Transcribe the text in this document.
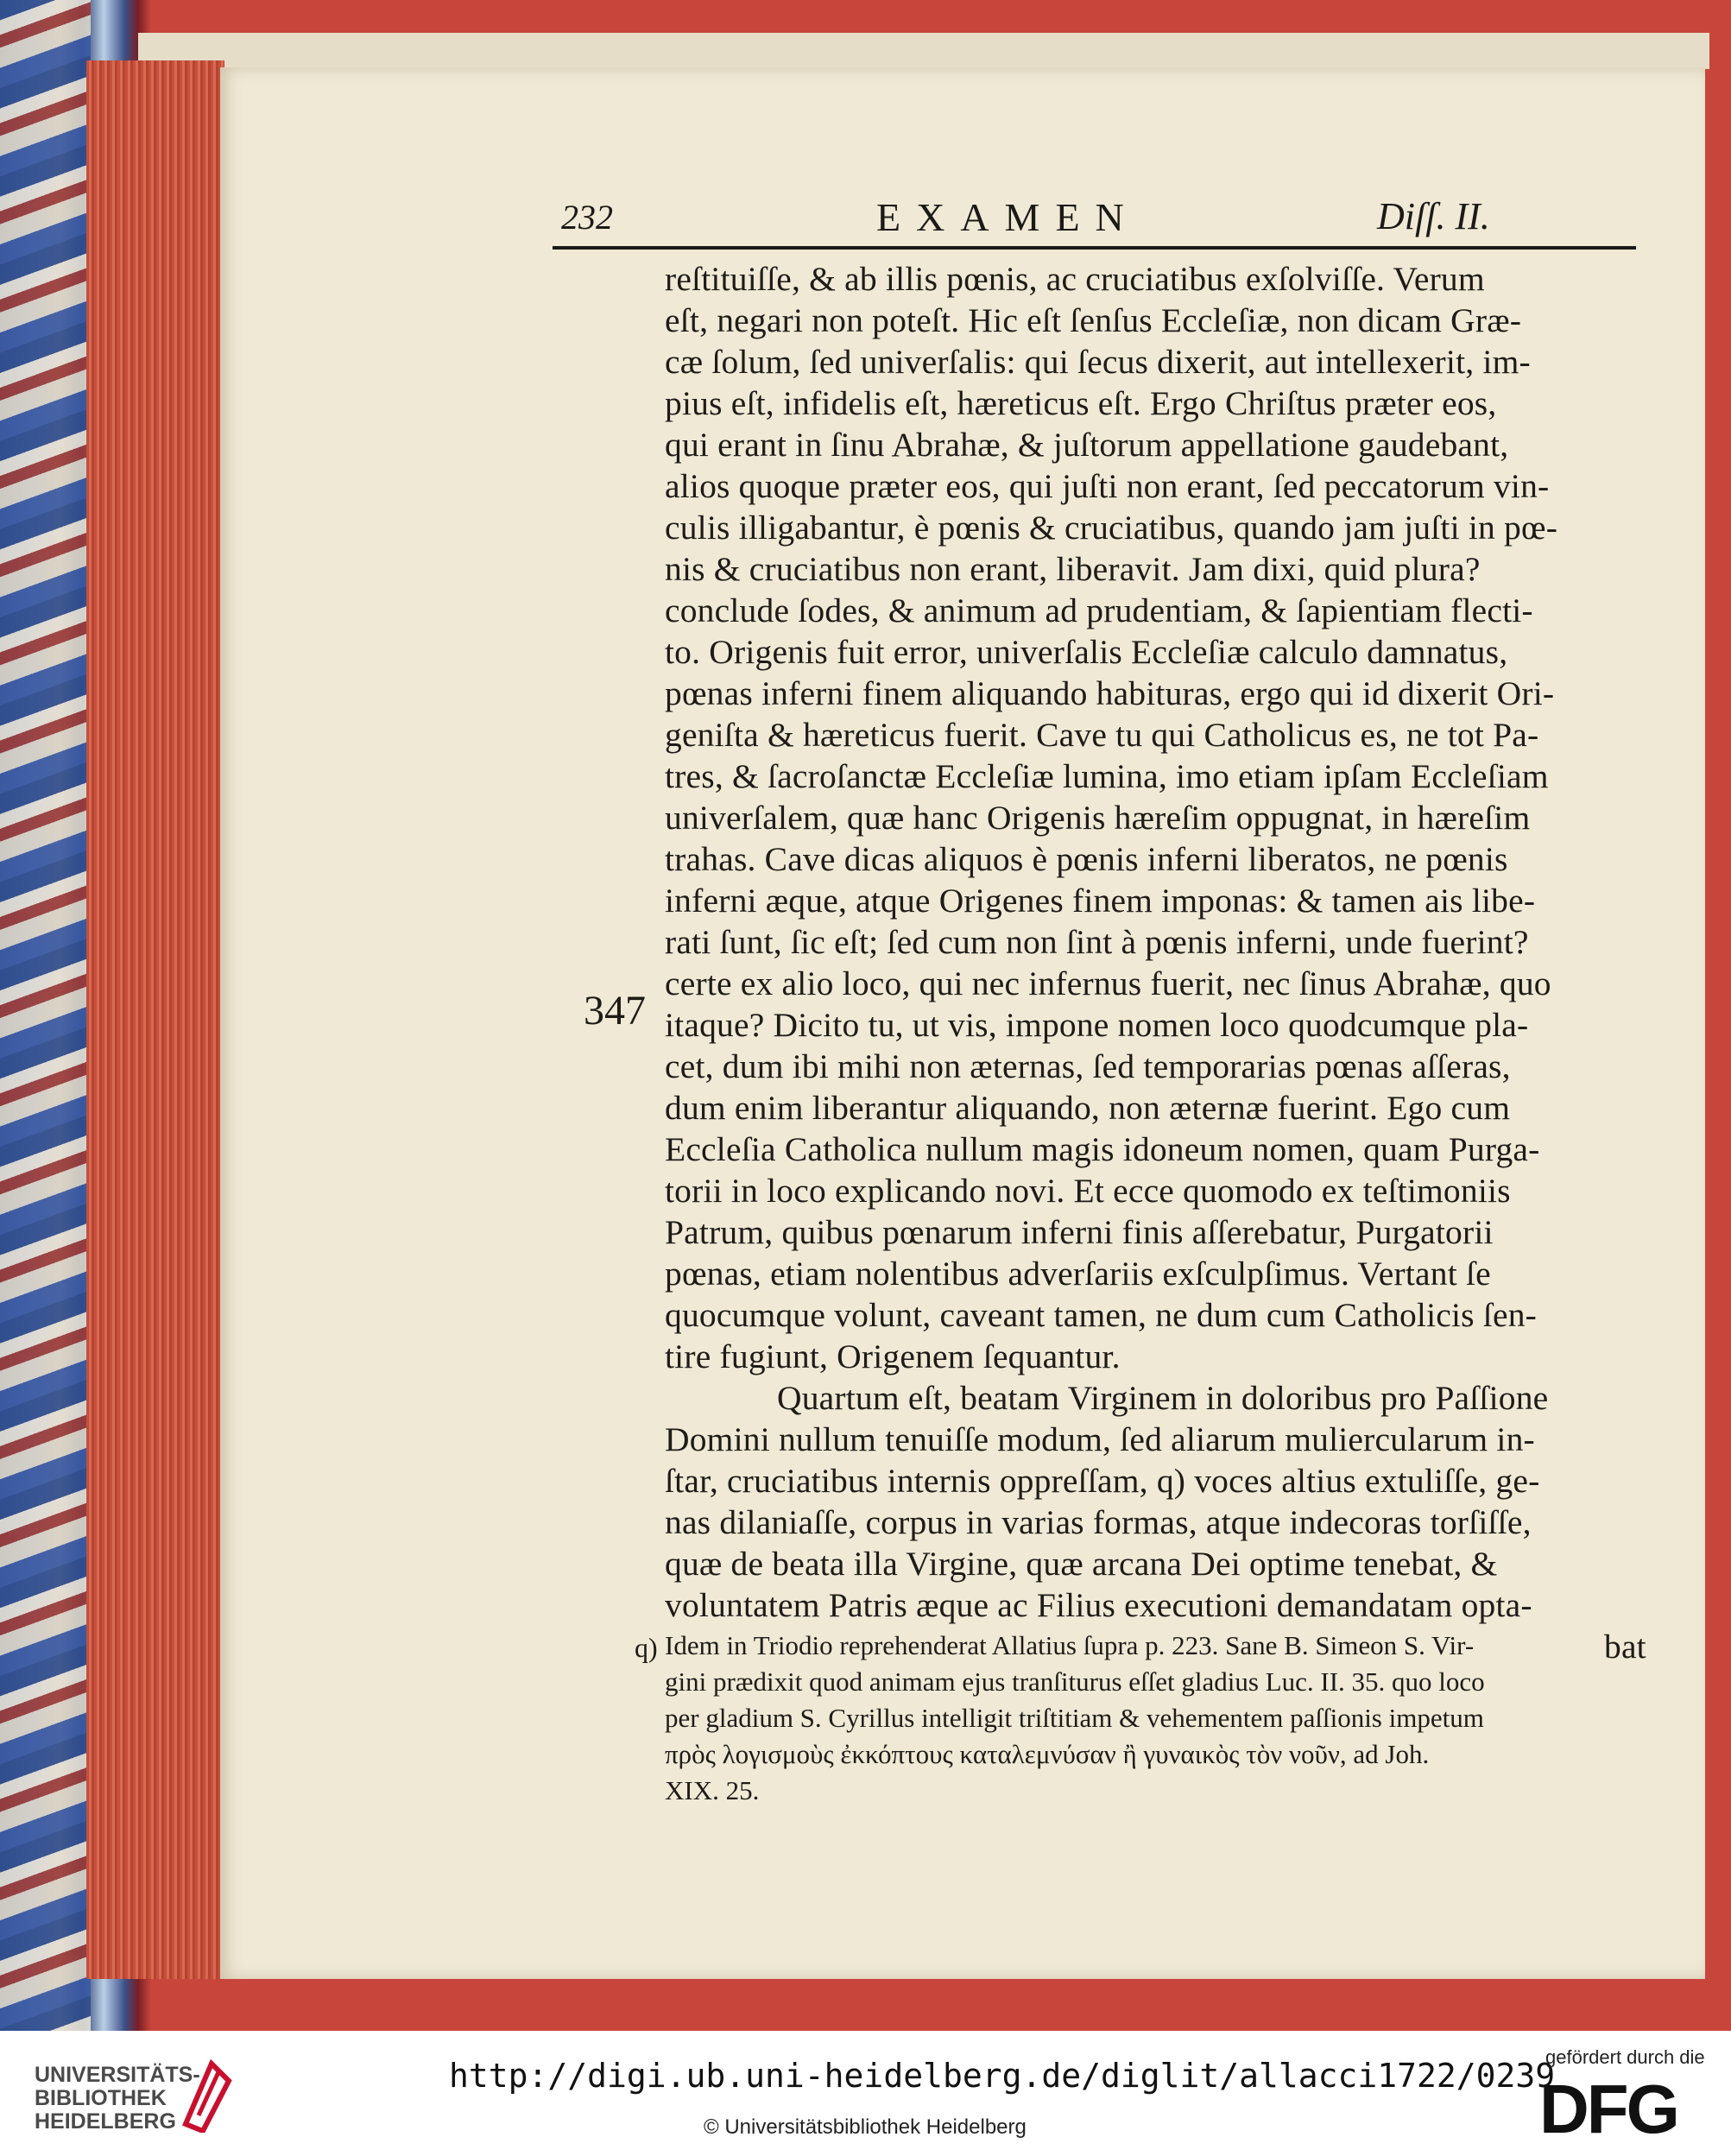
232	EXAMEN	Diſſ. II.
347
reſtituiſſe, & ab illis pœnis, ac cruciatibus exſolviſſe. Verum
eſt, negari non poteſt. Hic eſt ſenſus Eccleſiæ, non dicam Græ-
cæ ſolum, ſed univerſalis: qui ſecus dixerit, aut intellexerit, im-
pius eſt, infidelis eſt, hæreticus eſt. Ergo Chriſtus præter eos,
qui erant in ſinu Abrahæ, & juſtorum appellatione gaudebant,
alios quoque præter eos, qui juſti non erant, ſed peccatorum vin-
culis illigabantur, è pœnis & cruciatibus, quando jam juſti in pœ-
nis & cruciatibus non erant, liberavit. Jam dixi, quid plura?
conclude ſodes, & animum ad prudentiam, & ſapientiam flecti-
to. Origenis fuit error, univerſalis Eccleſiæ calculo damnatus,
pœnas inferni finem aliquando habituras, ergo qui id dixerit Ori-
geniſta & hæreticus fuerit. Cave tu qui Catholicus es, ne tot Pa-
tres, & ſacroſanctæ Eccleſiæ lumina, imo etiam ipſam Eccleſiam
univerſalem, quæ hanc Origenis hæreſim oppugnat, in hæreſim
trahas. Cave dicas aliquos è pœnis inferni liberatos, ne pœnis
inferni æque, atque Origenes finem imponas: & tamen ais libe-
rati ſunt, ſic eſt; ſed cum non ſint à pœnis inferni, unde fuerint?
certe ex alio loco, qui nec infernus fuerit, nec ſinus Abrahæ, quo
itaque? Dicito tu, ut vis, impone nomen loco quodcumque pla-
cet, dum ibi mihi non æternas, ſed temporarias pœnas aſſeras,
dum enim liberantur aliquando, non æternæ fuerint. Ego cum
Eccleſia Catholica nullum magis idoneum nomen, quam Purga-
torii in loco explicando novi. Et ecce quomodo ex teſtimoniis
Patrum, quibus pœnarum inferni finis aſſerebatur, Purgatorii
pœnas, etiam nolentibus adverſariis exſculpſimus. Vertant ſe
quocumque volunt, caveant tamen, ne dum cum Catholicis ſen-
tire fugiunt, Origenem ſequantur.
Quartum eſt, beatam Virginem in doloribus pro Paſſione
Domini nullum tenuiſſe modum, ſed aliarum muliercularum in-
ſtar, cruciatibus internis oppreſſam, q) voces altius extuliſſe, ge-
nas dilaniaſſe, corpus in varias formas, atque indecoras torſiſſe,
quæ de beata illa Virgine, quæ arcana Dei optime tenebat, &
voluntatem Patris æque ac Filius executioni demandatam opta-
bat
q) Idem in Triodio reprehenderat Allatius ſupra p. 223. Sane B. Simeon S. Vir-
gini prædixit quod animam ejus tranſiturus eſſet gladius Luc. II. 35. quo loco
per gladium S. Cyrillus intelligit triſtitiam & vehementem paſſionis impetum
πρὸς λογισμοὺς ἐκκόπτους καταλεμνύσαν ἢ γυναικὸς τὸν νοῦν, ad Joh.
XIX. 25.
UNIVERSITÄTS-
BIBLIOTHEK
HEIDELBERG
http://digi.ub.uni-heidelberg.de/diglit/allacci1722/0239
© Universitätsbibliothek Heidelberg
gefördert durch die
DFG
